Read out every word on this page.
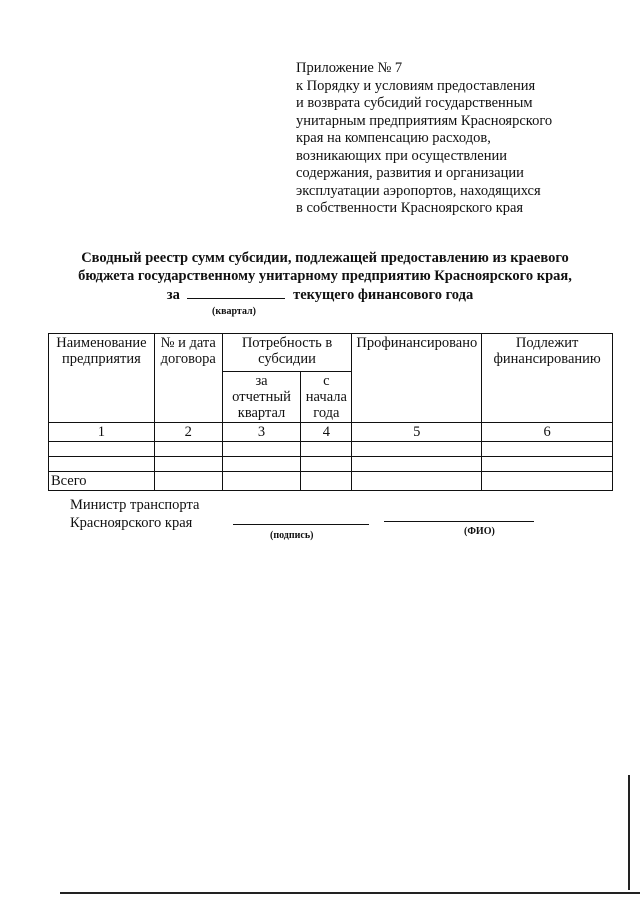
Приложение № 7
к Порядку и условиям предоставления
и возврата субсидий государственным
унитарным предприятиям Красноярского
края на компенсацию расходов,
возникающих при осуществлении
содержания, развития и организации
эксплуатации аэропортов, находящихся
в собственности Красноярского края
Сводный реестр сумм субсидии, подлежащей предоставлению из краевого
бюджета государственному унитарному предприятию Красноярского края,
за	текущего финансового года
(квартал)
Наименование предприятия	№ и дата договора	Потребность в субсидии		Профинансировано	Подлежит финансированию
		за отчетный квартал	с начала года		
1	2	3	4	5	6

Всего					
Министр транспорта
Красноярского края
(подпись)	(ФИО)
